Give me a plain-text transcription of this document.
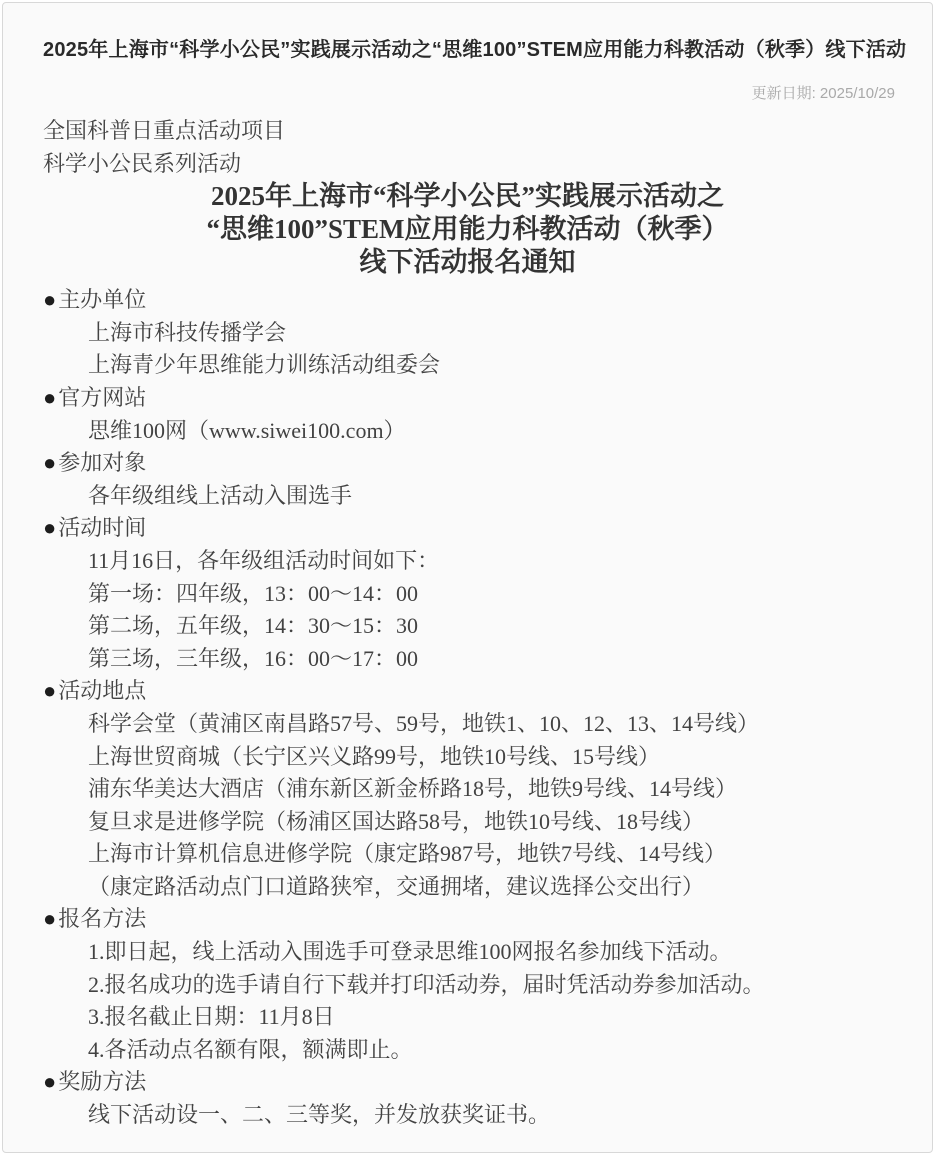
2025年上海市“科学小公民”实践展示活动之“思维100”STEM应用能力科教活动（秋季）线下活动
更新日期: 2025/10/29
全国科普日重点活动项目
科学小公民系列活动
2025年上海市“科学小公民”实践展示活动之
“思维100”STEM应用能力科教活动（秋季）
线下活动报名通知
●主办单位
上海市科技传播学会
上海青少年思维能力训练活动组委会
●官方网站
思维100网（www.siwei100.com）
●参加对象
各年级组线上活动入围选手
●活动时间
11月16日，各年级组活动时间如下：
第一场：四年级，13：00～14：00
第二场，五年级，14：30～15：30
第三场，三年级，16：00～17：00
●活动地点
科学会堂（黄浦区南昌路57号、59号，地铁1、10、12、13、14号线）
上海世贸商城（长宁区兴义路99号，地铁10号线、15号线）
浦东华美达大酒店（浦东新区新金桥路18号，地铁9号线、14号线）
复旦求是进修学院（杨浦区国达路58号，地铁10号线、18号线）
上海市计算机信息进修学院（康定路987号，地铁7号线、14号线）
（康定路活动点门口道路狭窄，交通拥堵，建议选择公交出行）
●报名方法
1.即日起，线上活动入围选手可登录思维100网报名参加线下活动。
2.报名成功的选手请自行下载并打印活动券，届时凭活动券参加活动。
3.报名截止日期：11月8日
4.各活动点名额有限，额满即止。
●奖励方法
线下活动设一、二、三等奖，并发放获奖证书。
